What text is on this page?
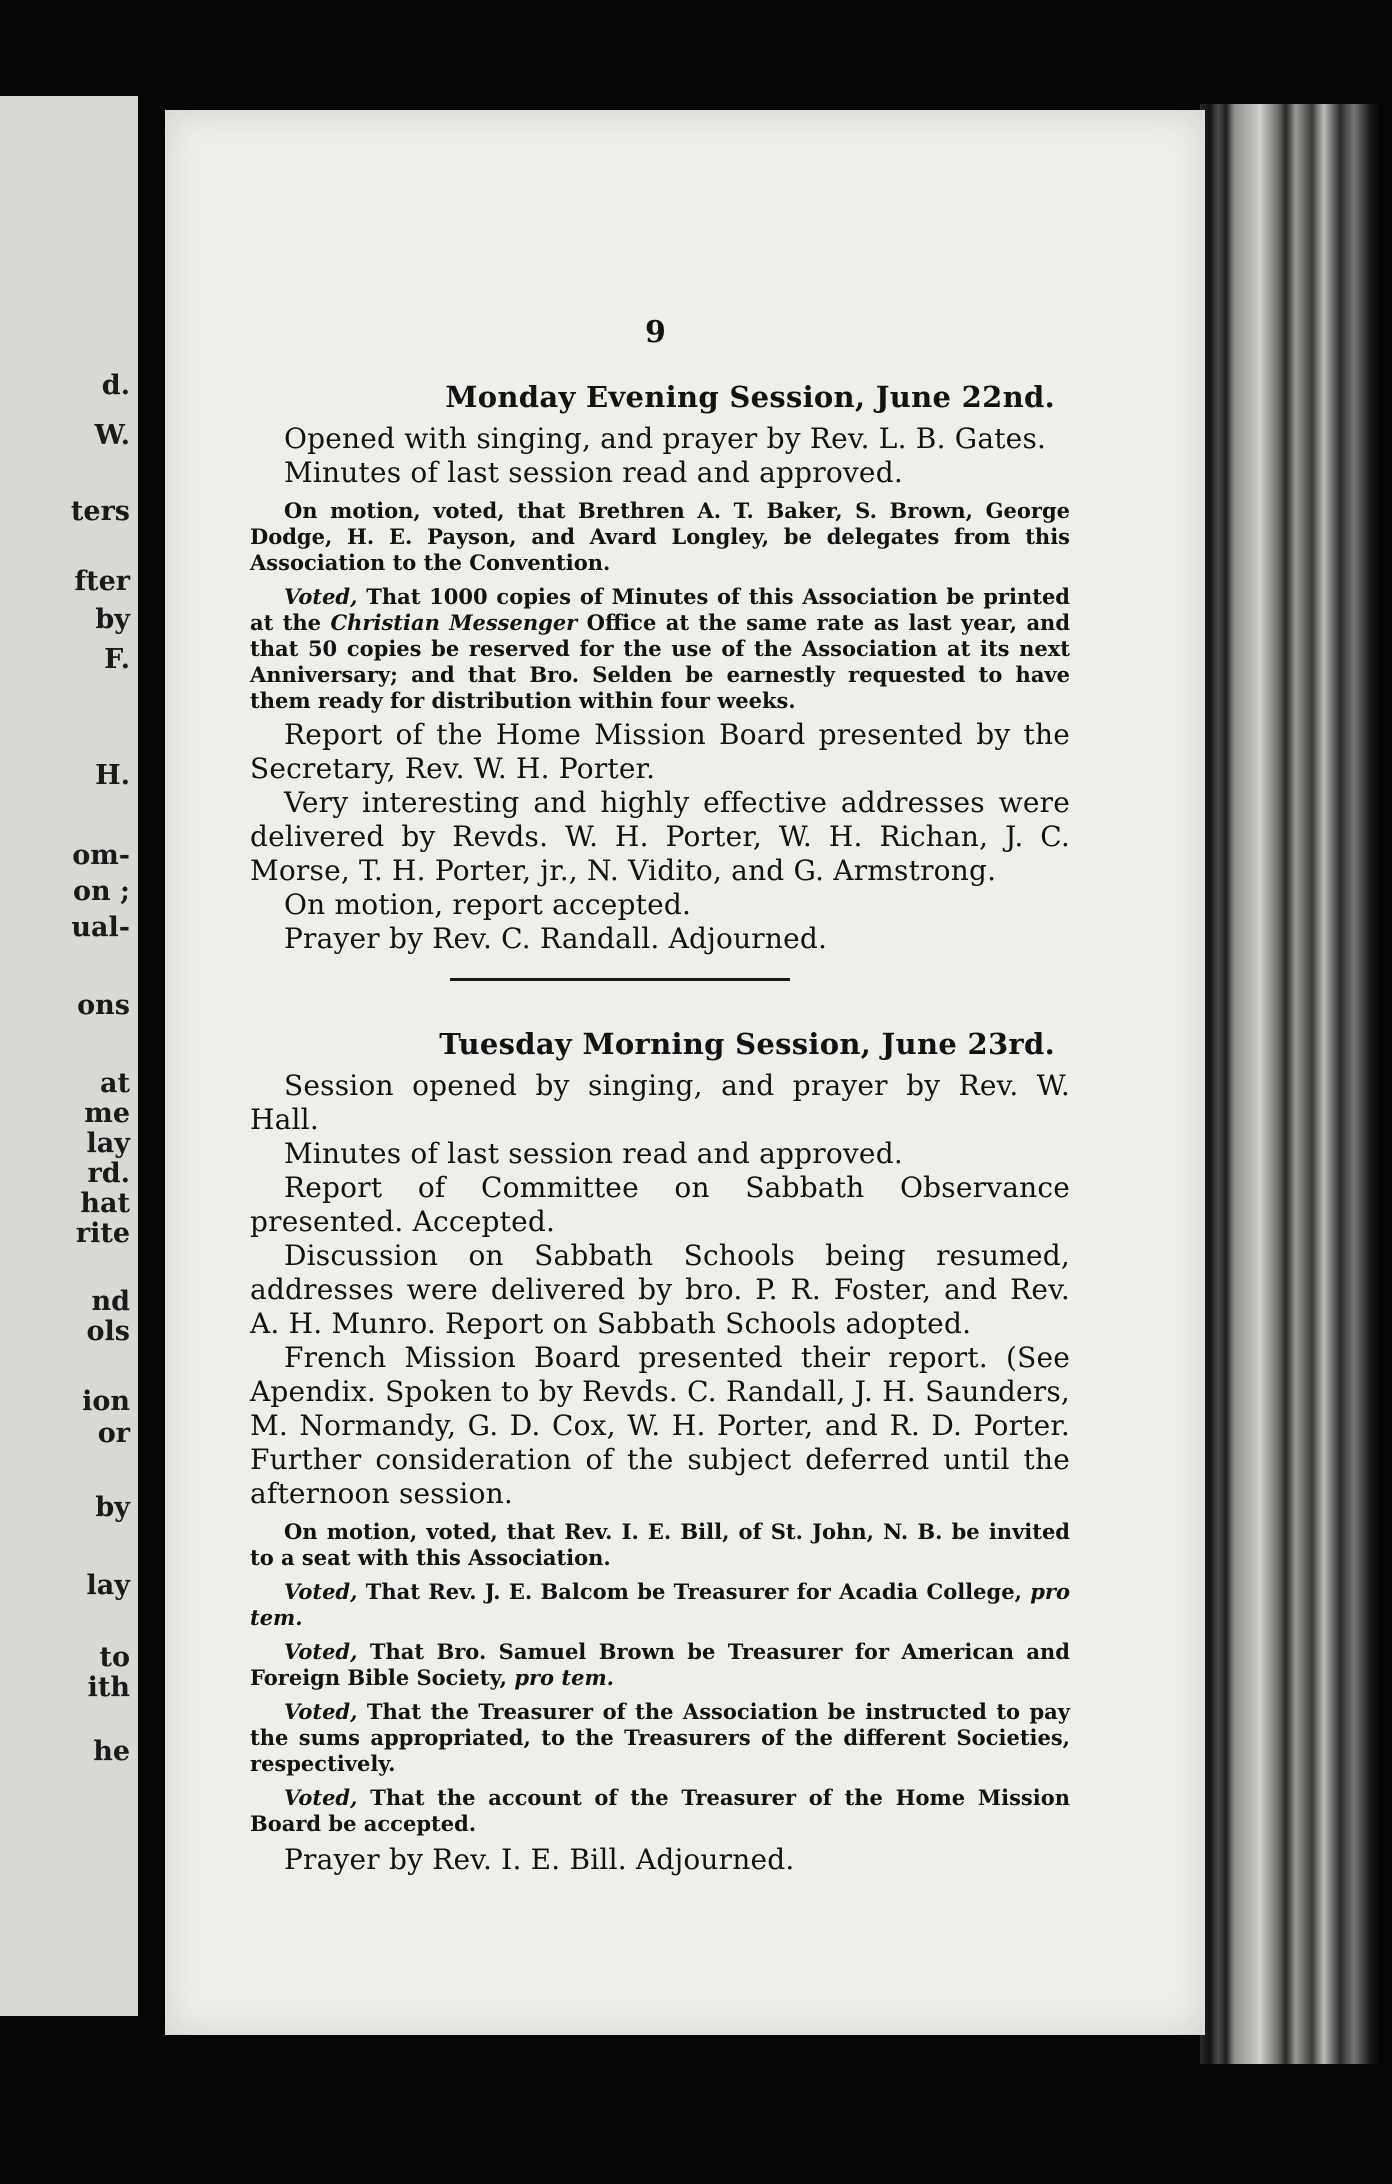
d.
W.
ters
fter
by
F.
H.
om-
on ;
ual-
ons
at
me
lay
rd.
hat
rite
nd
ols
ion
or
by
lay
to
ith
he
9
Monday Evening Session, June 22nd.

Opened with singing, and prayer by Rev. L. B. Gates.

Minutes of last session read and approved.

On motion, voted, that Brethren A. T. Baker, S. Brown, George Dodge, H. E. Payson, and Avard Longley, be delegates from this Association to the Convention.

Voted, That 1000 copies of Minutes of this Association be printed at the Christian Messenger Office at the same rate as last year, and that 50 copies be reserved for the use of the Association at its next Anniversary; and that Bro. Selden be earnestly requested to have them ready for distribution within four weeks.

Report of the Home Mission Board presented by the Secretary, Rev. W. H. Porter.

Very interesting and highly effective addresses were delivered by Revds. W. H. Porter, W. H. Richan, J. C. Morse, T. H. Porter, jr., N. Vidito, and G. Armstrong.

On motion, report accepted.

Prayer by Rev. C. Randall. Adjourned.

Tuesday Morning Session, June 23rd.

Session opened by singing, and prayer by Rev. W. Hall.

Minutes of last session read and approved.

Report of Committee on Sabbath Observance presented. Accepted.

Discussion on Sabbath Schools being resumed, addresses were delivered by bro. P. R. Foster, and Rev. A. H. Munro. Report on Sabbath Schools adopted.

French Mission Board presented their report. (See Apendix. Spoken to by Revds. C. Randall, J. H. Saunders, M. Normandy, G. D. Cox, W. H. Porter, and R. D. Porter. Further consideration of the subject deferred until the afternoon session.

On motion, voted, that Rev. I. E. Bill, of St. John, N. B. be invited to a seat with this Association.

Voted, That Rev. J. E. Balcom be Treasurer for Acadia College, pro tem.

Voted, That Bro. Samuel Brown be Treasurer for American and Foreign Bible Society, pro tem.

Voted, That the Treasurer of the Association be instructed to pay the sums appropriated, to the Treasurers of the different Societies, respectively.

Voted, That the account of the Treasurer of the Home Mission Board be accepted.

Prayer by Rev. I. E. Bill. Adjourned.
